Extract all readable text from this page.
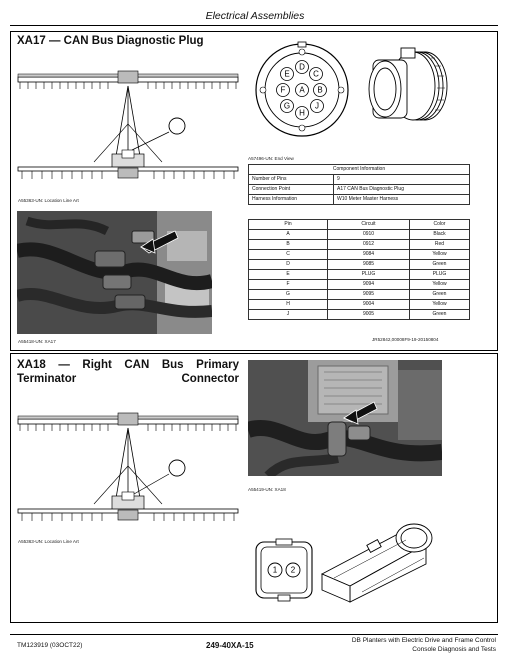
Electrical Assemblies
XA17 — CAN Bus Diagnostic Plug
A55363-UN: Location Line Art
A55418-UN: XA17
A B
C
D
E
F
G
H
J
A57496-UN: End View
Component Information	
Number of Pins	9
Connection Point	A17 CAN Bus Diagnostic Plug
Harness Information	W10 Meter Master Harness
Pin	Circuit	Color
A	0910	Black
B	0912	Red
C	9084	Yellow
D	9085	Green
E	PLUG	PLUG
F	9094	Yellow
G	9095	Green
H	9004	Yellow
J	9005	Green
JR52842,00008F9-19-20150804
XA18 — Right CAN Bus Primary Terminator Connector
A55363-UN: Location Line Art
A55419-UN: XA18
1 2
TM123919 (03OCT22)	249-40XA-15
DB Planters with Electric Drive and Frame Control
Console Diagnosis and Tests
